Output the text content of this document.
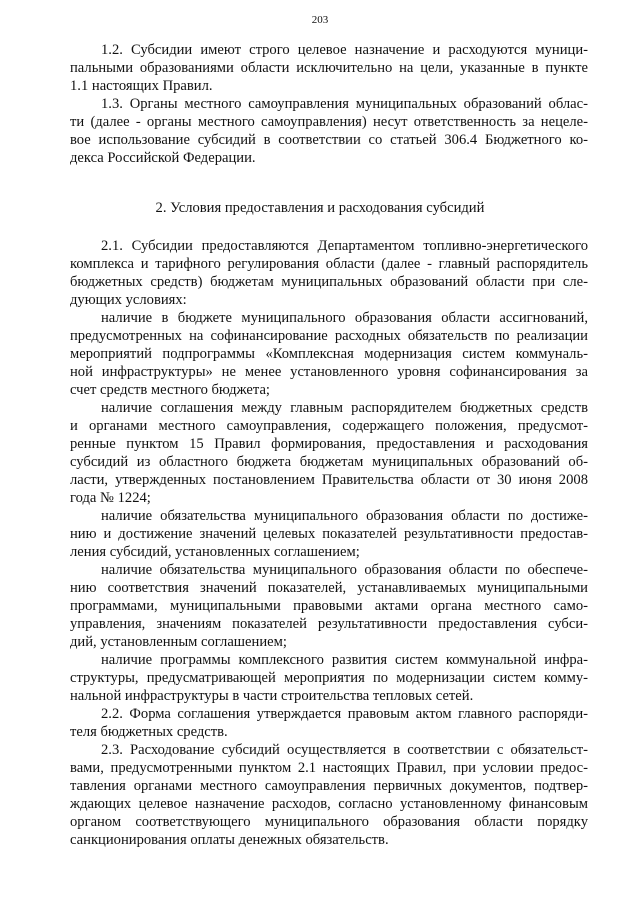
203

1.2. Субсидии имеют строго целевое назначение и расходуются муници-

пальными образованиями области исключительно на цели, указанные в пункте

1.1 настоящих Правил.

1.3. Органы местного самоуправления муниципальных образований облас-

ти (далее - органы местного самоуправления) несут ответственность за нецеле-

вое использование субсидий в соответствии со статьей 306.4 Бюджетного ко-

декса Российской Федерации.

2. Условия предоставления и расходования субсидий

2.1. Субсидии предоставляются Департаментом топливно-энергетического

комплекса и тарифного регулирования области (далее - главный распорядитель

бюджетных средств) бюджетам муниципальных образований области при сле-

дующих условиях:

наличие в бюджете муниципального образования области ассигнований,

предусмотренных на софинансирование расходных обязательств по реализации

мероприятий подпрограммы «Комплексная модернизация систем коммуналь-

ной инфраструктуры» не менее установленного уровня софинансирования за

счет средств местного бюджета;

наличие соглашения между главным распорядителем бюджетных средств

и органами местного самоуправления, содержащего положения, предусмот-

ренные пунктом 15 Правил формирования, предоставления и расходования

субсидий из областного бюджета бюджетам муниципальных образований об-

ласти, утвержденных постановлением Правительства области от 30 июня 2008

года № 1224;

наличие обязательства муниципального образования области по достиже-

нию и достижение значений целевых показателей результативности предостав-

ления субсидий, установленных соглашением;

наличие обязательства муниципального образования области по обеспече-

нию соответствия значений показателей, устанавливаемых муниципальными

программами, муниципальными правовыми актами органа местного само-

управления, значениям показателей результативности предоставления субси-

дий, установленным соглашением;

наличие программы комплексного развития систем коммунальной инфра-

структуры, предусматривающей мероприятия по модернизации систем комму-

нальной инфраструктуры в части строительства тепловых сетей.

2.2. Форма соглашения утверждается правовым актом главного распоряди-

теля бюджетных средств.

2.3. Расходование субсидий осуществляется в соответствии с обязательст-

вами, предусмотренными пунктом 2.1 настоящих Правил, при условии предос-

тавления органами местного самоуправления первичных документов, подтвер-

ждающих целевое назначение расходов, согласно установленному финансовым

органом соответствующего муниципального образования области порядку

санкционирования оплаты денежных обязательств.
